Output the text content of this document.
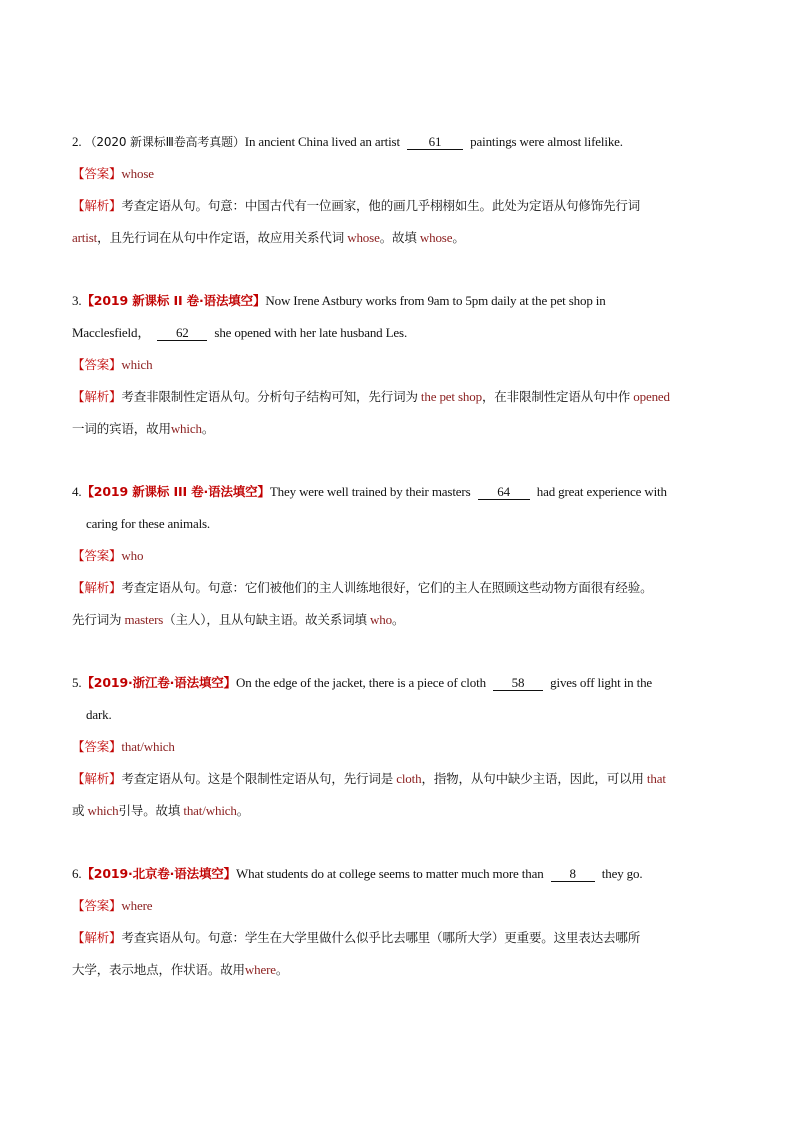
2. （2020 新课标Ⅲ卷高考真题）In ancient China lived an artist 61 paintings were almost lifelike.
【答案】whose
【解析】考查定语从句。句意：中国古代有一位画家，他的画几乎栩栩如生。此处为定语从句修饰先行词
artist，且先行词在从句中作定语，故应用关系代词 whose。故填 whose。
3.【2019 新课标 II 卷·语法填空】Now Irene Astbury works from 9am to 5pm daily at the pet shop in
Macclesfield， 62 she opened with her late husband Les.
【答案】which
【解析】考查非限制性定语从句。分析句子结构可知，先行词为 the pet shop，在非限制性定语从句中作 opened
一词的宾语，故用which。
4.【2019 新课标 III 卷·语法填空】They were well trained by their masters 64 had great experience with
caring for these animals.
【答案】who
【解析】考查定语从句。句意：它们被他们的主人训练地很好，它们的主人在照顾这些动物方面很有经验。
先行词为 masters（主人），且从句缺主语。故关系词填 who。
5.【2019·浙江卷·语法填空】On the edge of the jacket, there is a piece of cloth 58 gives off light in the
dark.
【答案】that/which
【解析】考查定语从句。这是个限制性定语从句，先行词是 cloth，指物，从句中缺少主语，因此，可以用 that
或 which引导。故填 that/which。
6.【2019·北京卷·语法填空】What students do at college seems to matter much more than 8 they go.
【答案】where
【解析】考查宾语从句。句意：学生在大学里做什么似乎比去哪里（哪所大学）更重要。这里表达去哪所
大学，表示地点，作状语。故用where。
